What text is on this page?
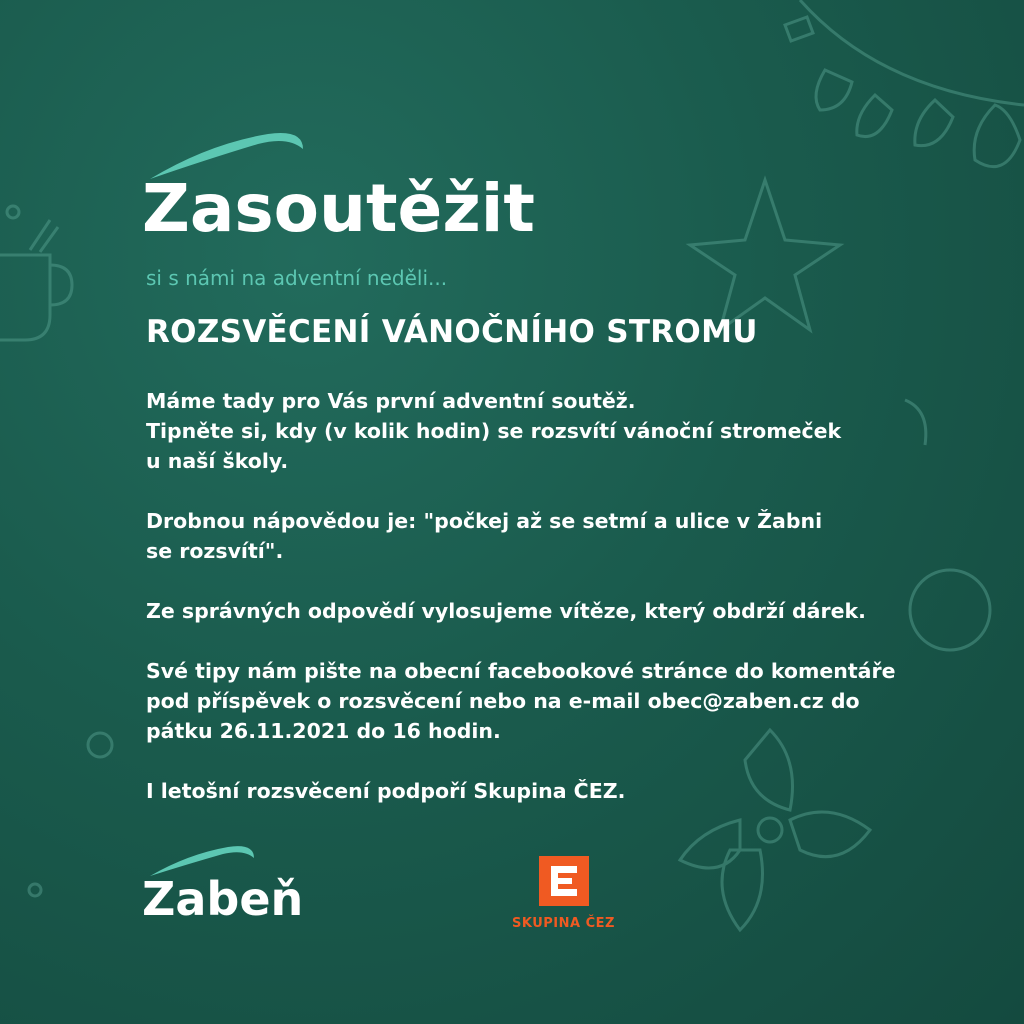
Zasoutěžit
si s námi na adventní neděli...
ROZSVĚCENÍ VÁNOČNÍHO STROMU

Máme tady pro Vás první adventní soutěž.
Tipněte si, kdy (v kolik hodin) se rozsvítí vánoční stromeček
u naší školy.

Drobnou nápovědou je: "počkej až se setmí a ulice v Žabni
se rozsvítí".

Ze správných odpovědí vylosujeme vítěze, který obdrží dárek.

Své tipy nám pište na obecní facebookové stránce do komentáře
pod příspěvek o rozsvěcení nebo na e-mail obec@zaben.cz do
pátku 26.11.2021 do 16 hodin.

I letošní rozsvěcení podpoří Skupina ČEZ.

Zabeň	SKUPINA ČEZ
